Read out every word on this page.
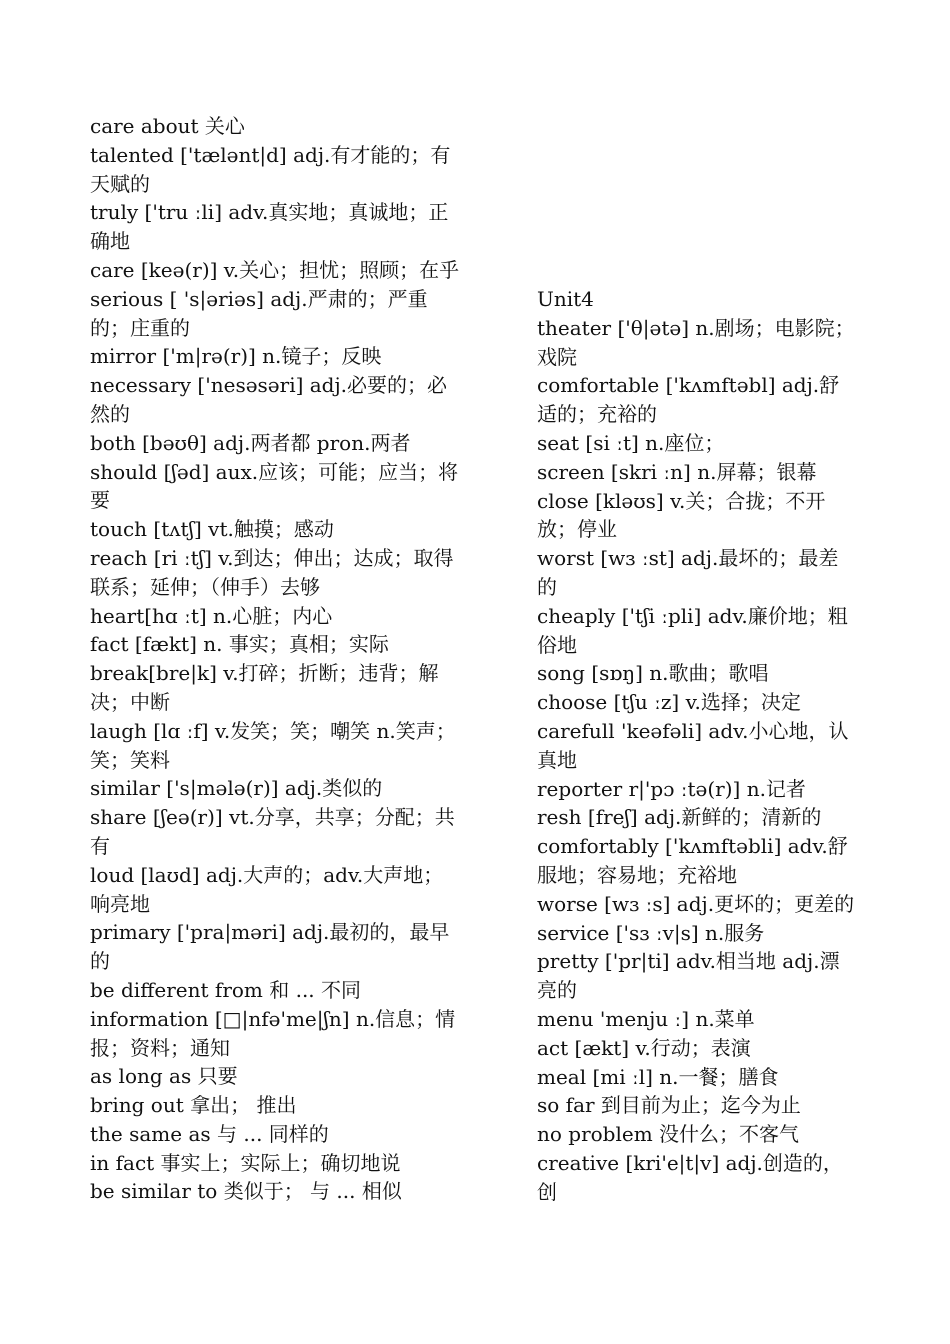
care about 关心

talented ['tælənt|d] adj.有才能的；有天赋的

truly ['tru ːli] adv.真实地；真诚地；正确地

care [keə(r)] v.关心；担忧；照顾；在乎

serious [ 's|əriəs] adj.严肃的；严重的；庄重的

mirror ['m|rə(r)] n.镜子；反映

necessary ['nesəsəri] adj.必要的；必然的

both [bəʊθ] adj.两者都 pron.两者

should [ʃəd] aux.应该；可能；应当；将要

touch [tʌtʃ] vt.触摸；感动

reach [ri ːtʃ] v.到达；伸出；达成；取得联系；延伸；（伸手）去够

heart[hɑ ːt] n.心脏；内心

fact [fækt] n. 事实；真相；实际

break[bre|k] v.打碎；折断；违背；解决；中断

laugh [lɑ ːf] v.发笑；笑；嘲笑 n.笑声；笑；笑料

similar ['s|mələ(r)] adj.类似的

share [ʃeə(r)] vt.分享，共享；分配；共有

loud [laʊd] adj.大声的；adv.大声地；响亮地

primary ['pra|məri] adj.最初的，最早的

be different from 和 ... 不同

information [□|nfə'me|ʃn] n.信息；情报；资料；通知

as long as 只要

bring out 拿出； 推出

the same as 与 ... 同样的

in fact 事实上；实际上；确切地说

be similar to 类似于； 与 ... 相似

Unit4

theater ['θ|ətə] n.剧场；电影院；戏院

comfortable ['kʌmftəbl] adj.舒适的；充裕的

seat [si ːt] n.座位；

screen [skri ːn] n.屏幕；银幕

close [kləʊs] v.关；合拢；不开放；停业

worst [wɜ ːst] adj.最坏的；最差的

cheaply ['tʃi ːpli] adv.廉价地；粗俗地

song [sɒŋ] n.歌曲；歌唱

choose [tʃu ːz] v.选择；决定

carefull 'keəfəli] adv.小心地，认真地

reporter r|'pɔ ːtə(r)] n.记者

resh [freʃ] adj.新鲜的；清新的

comfortably ['kʌmftəbli] adv.舒服地；容易地；充裕地

worse [wɜ ːs] adj.更坏的；更差的

service ['sɜ ːv|s] n.服务

pretty ['pr|ti] adv.相当地 adj.漂亮的

menu 'menju ː] n.菜单

act [ækt] v.行动；表演

meal [mi ːl] n.一餐；膳食

so far 到目前为止；迄今为止

no problem 没什么；不客气

creative [kri'e|t|v] adj.创造的，创
